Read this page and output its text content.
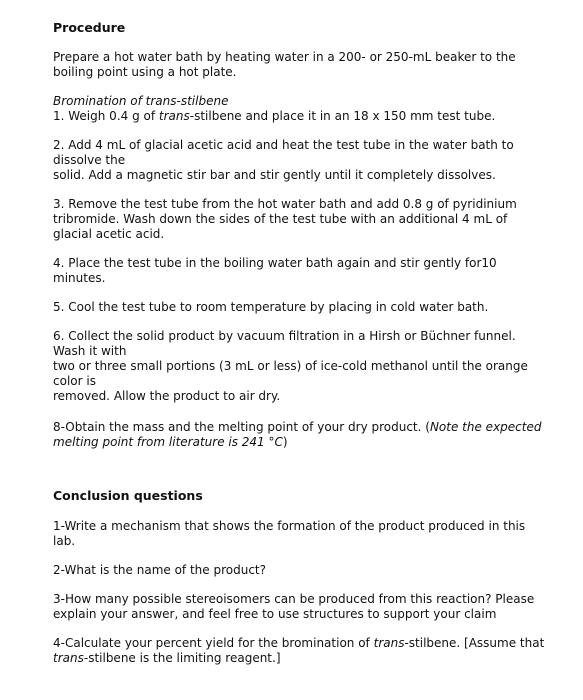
Procedure

Prepare a hot water bath by heating water in a 200- or 250-mL beaker to the

boiling point using a hot plate.

Bromination of trans-stilbene

1. Weigh 0.4 g of trans-stilbene and place it in an 18 x 150 mm test tube.

2. Add 4 mL of glacial acetic acid and heat the test tube in the water bath to

dissolve the

solid. Add a magnetic stir bar and stir gently until it completely dissolves.

3. Remove the test tube from the hot water bath and add 0.8 g of pyridinium

tribromide. Wash down the sides of the test tube with an additional 4 mL of

glacial acetic acid.

4. Place the test tube in the boiling water bath again and stir gently for10

minutes.

5. Cool the test tube to room temperature by placing in cold water bath.

6. Collect the solid product by vacuum filtration in a Hirsh or Büchner funnel.

Wash it with

two or three small portions (3 mL or less) of ice-cold methanol until the orange

color is

removed. Allow the product to air dry.

8-Obtain the mass and the melting point of your dry product. (Note the expected

melting point from literature is 241 °C)

Conclusion questions

1-Write a mechanism that shows the formation of the product produced in this

lab.

2-What is the name of the product?

3-How many possible stereoisomers can be produced from this reaction? Please

explain your answer, and feel free to use structures to support your claim

4-Calculate your percent yield for the bromination of trans-stilbene. [Assume that

trans-stilbene is the limiting reagent.]
